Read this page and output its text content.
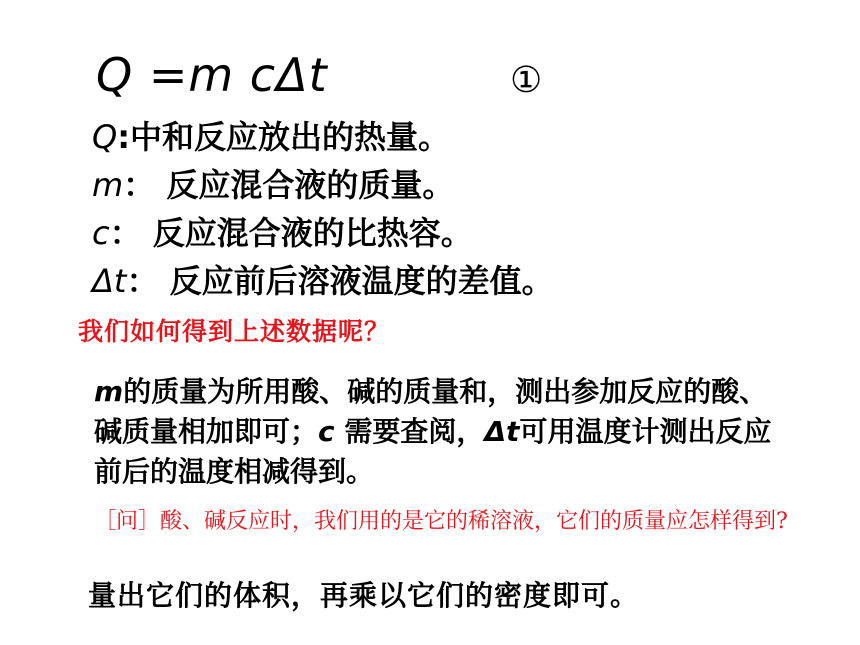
Q =m cΔt	①
Q:中和反应放出的热量。
m： 反应混合液的质量。
c： 反应混合液的比热容。
Δt： 反应前后溶液温度的差值。
我们如何得到上述数据呢？
m的质量为所用酸、碱的质量和，测出参加反应的酸、碱质量相加即可；c 需要查阅，Δt可用温度计测出反应前后的温度相减得到。
［问］酸、碱反应时，我们用的是它的稀溶液，它们的质量应怎样得到?
量出它们的体积，再乘以它们的密度即可。
